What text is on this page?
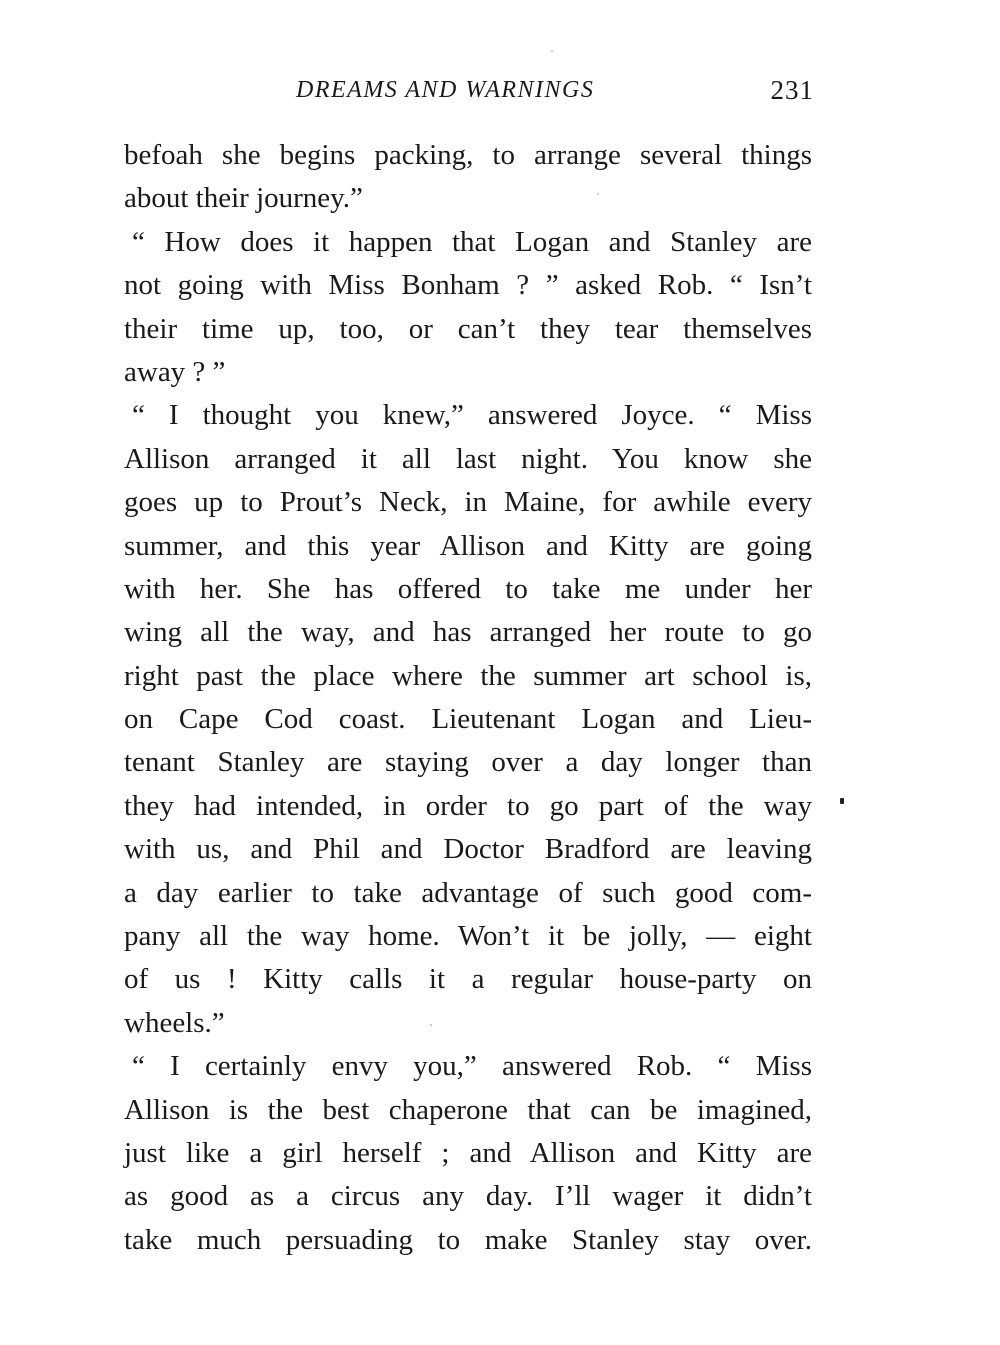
DREAMS AND WARNINGS	231
befoah she begins packing, to arrange several things
about their journey.”
“ How does it happen that Logan and Stanley are
not going with Miss Bonham ? ” asked Rob. “ Isn’t
their time up, too, or can’t they tear themselves
away ? ”
“ I thought you knew,” answered Joyce. “ Miss
Allison arranged it all last night. You know she
goes up to Prout’s Neck, in Maine, for awhile every
summer, and this year Allison and Kitty are going
with her. She has offered to take me under her
wing all the way, and has arranged her route to go
right past the place where the summer art school is,
on Cape Cod coast. Lieutenant Logan and Lieu-
tenant Stanley are staying over a day longer than
they had intended, in order to go part of the way
with us, and Phil and Doctor Bradford are leaving
a day earlier to take advantage of such good com-
pany all the way home. Won’t it be jolly, — eight
of us ! Kitty calls it a regular house-party on
wheels.”
“ I certainly envy you,” answered Rob. “ Miss
Allison is the best chaperone that can be imagined,
just like a girl herself ; and Allison and Kitty are
as good as a circus any day. I’ll wager it didn’t
take much persuading to make Stanley stay over.
